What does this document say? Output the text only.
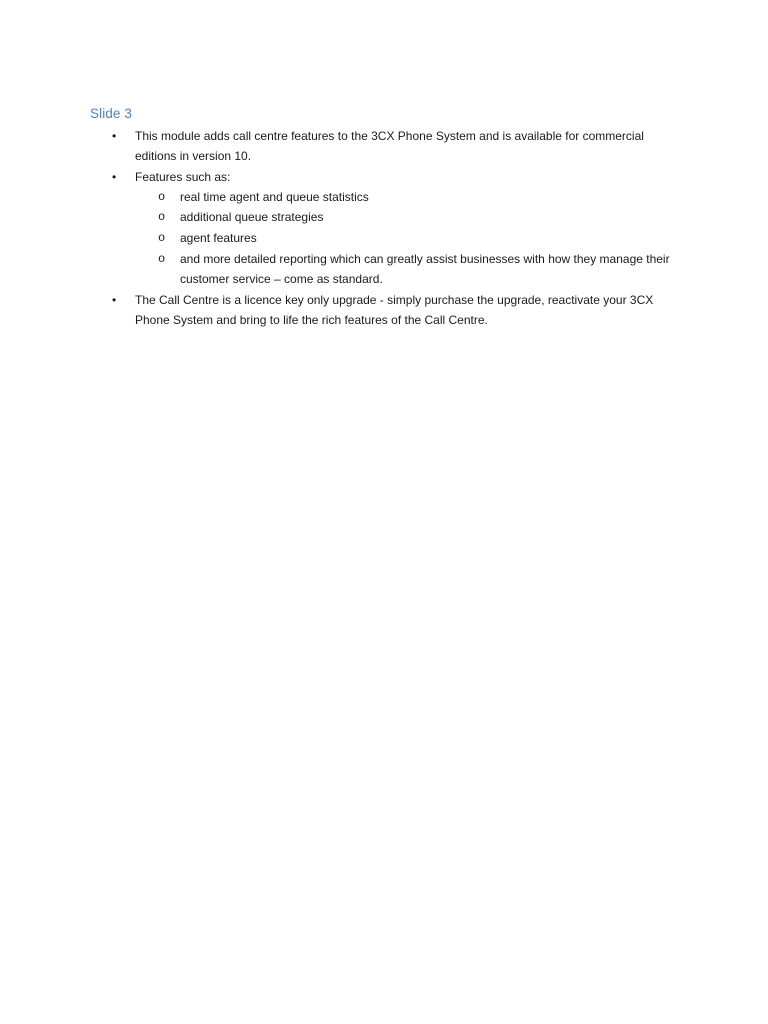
Slide 3
• This module adds call centre features to the 3CX Phone System and is available for commercial editions in version 10.
• Features such as:
o real time agent and queue statistics
o additional queue strategies
o agent features
o and more detailed reporting which can greatly assist businesses with how they manage their customer service – come as standard.
• The Call Centre is a licence key only upgrade - simply purchase the upgrade, reactivate your 3CX Phone System and bring to life the rich features of the Call Centre.
